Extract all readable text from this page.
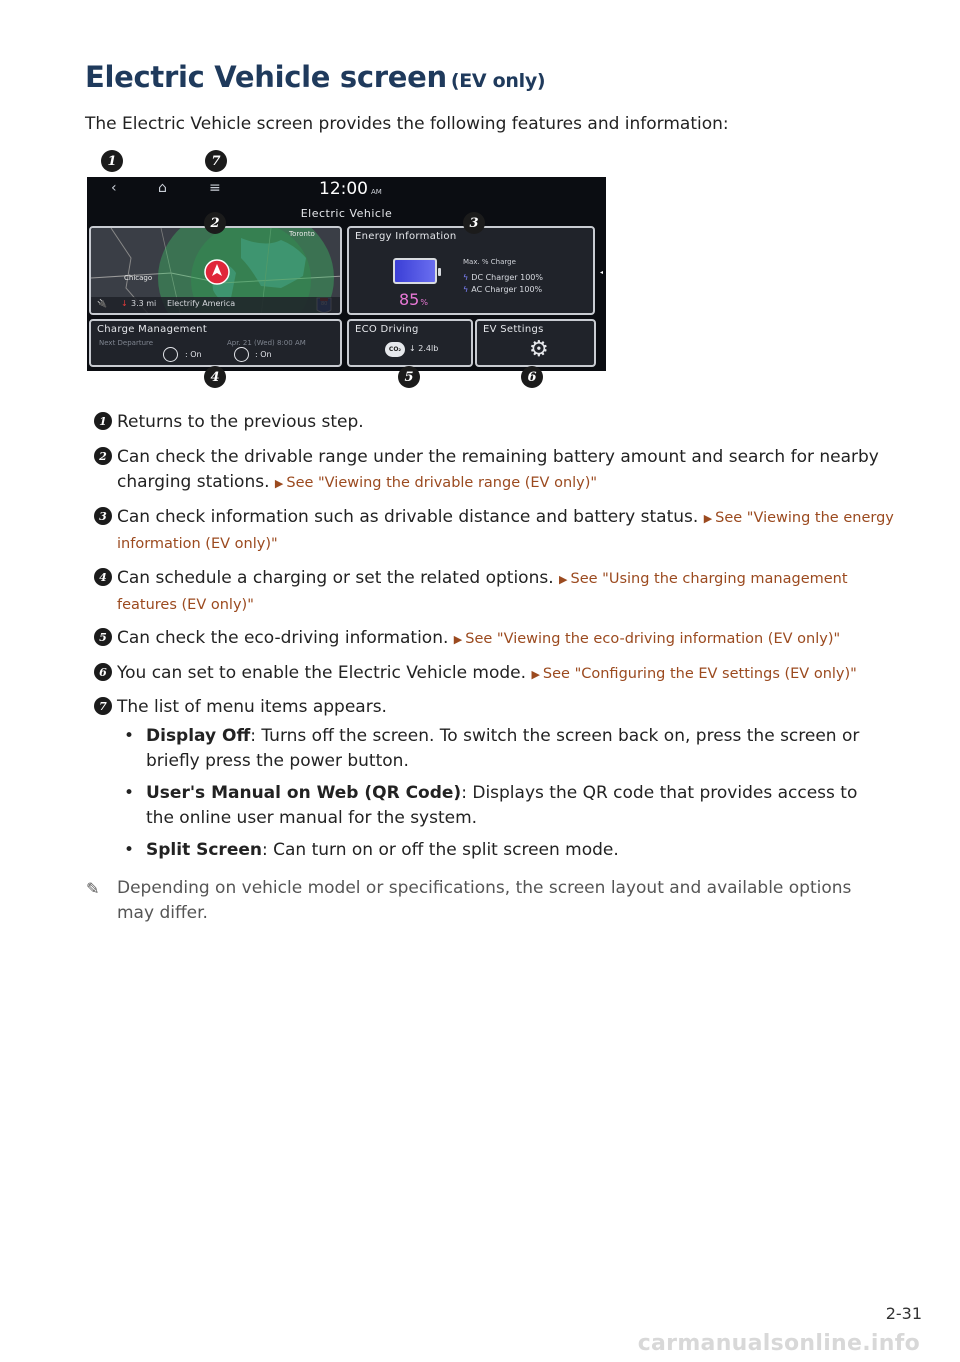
Electric Vehicle screen (EV only)
The Electric Vehicle screen provides the following features and information:
1	7
2	3
4	5	6
‹	⌂	≡	12:00 AM
Electric Vehicle
Toronto
Chicago
🔌 ↓ 3.3 mi Electrify America
Energy Information
85%
Max. % Charge
ϟ DC Charger 100%
ϟ AC Charger 100%
Charge Management
Next Departure	Apr. 21 (Wed) 8:00 AM
: On	: On
ECO Driving
CO₂ ↓ 2.4lb
EV Settings
⚙
◂
1 Returns to the previous step.
2 Can check the drivable range under the remaining battery amount and search for nearby charging stations. ▶ See "Viewing the drivable range (EV only)"
3 Can check information such as drivable distance and battery status. ▶ See "Viewing the energy information (EV only)"
4 Can schedule a charging or set the related options. ▶ See "Using the charging management features (EV only)"
5 Can check the eco-driving information. ▶ See "Viewing the eco-driving information (EV only)"
6 You can set to enable the Electric Vehicle mode. ▶ See "Configuring the EV settings (EV only)"
7 The list of menu items appears.
• Display Off: Turns off the screen. To switch the screen back on, press the screen or briefly press the power button.
• User's Manual on Web (QR Code): Displays the QR code that provides access to the online user manual for the system.
• Split Screen: Can turn on or off the split screen mode.
✎ Depending on vehicle model or specifications, the screen layout and available options may differ.
2-31
carmanualsonline.info
